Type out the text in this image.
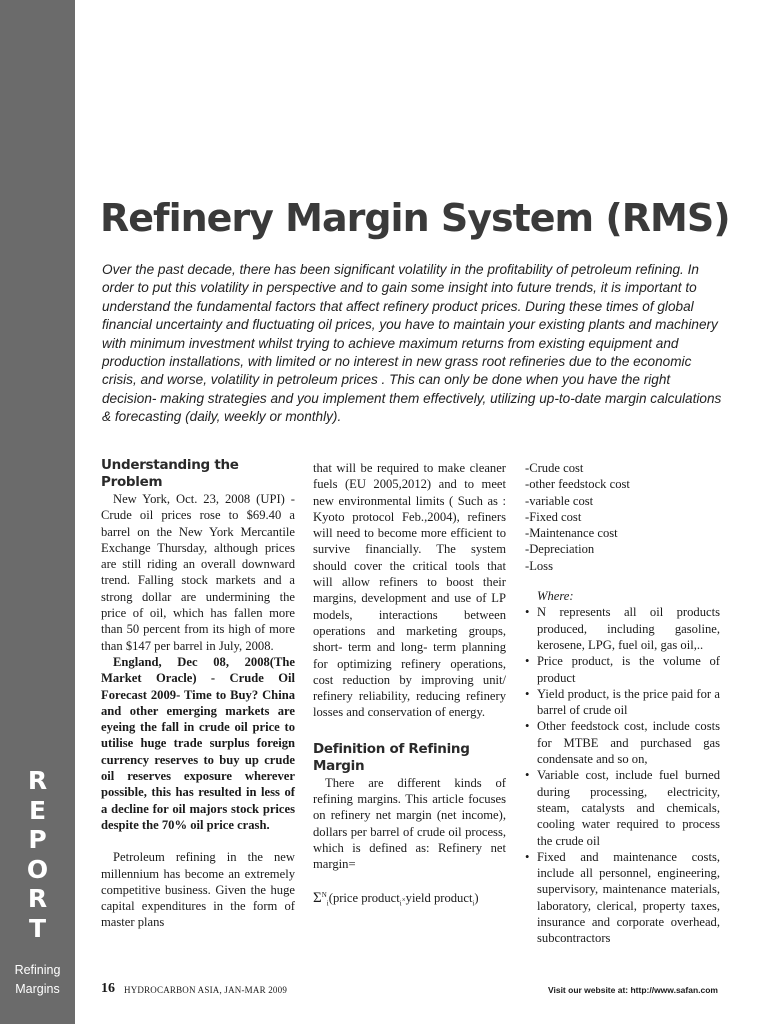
R
E
P
O
R
T
Refining
Margins
Refinery Margin System (RMS)

Over the past decade, there has been significant volatility in the profitability of petroleum refining. In order to put this volatility in perspective and to gain some insight into future trends, it is important to understand the fundamental factors that affect refinery product prices. During these times of global financial uncertainty and fluctuating oil prices, you have to maintain your existing plants and machinery with minimum investment whilst trying to achieve maximum returns from existing equipment and production installations, with limited or no interest in new grass root refineries due to the economic crisis, and worse, volatility in petroleum prices . This can only be done when you have the right decision- making strategies and you implement them effectively, utilizing up-to-date margin calculations & forecasting (daily, weekly or monthly).

Understanding the Problem

New York, Oct. 23, 2008 (UPI) - Crude oil prices rose to $69.40 a barrel on the New York Mercantile Exchange Thursday, although prices are still riding an overall downward trend. Falling stock markets and a strong dollar are undermining the price of oil, which has fallen more than 50 percent from its high of more than $147 per barrel in July, 2008.

England, Dec 08, 2008(The Market Oracle) - Crude Oil Forecast 2009- Time to Buy? China and other emerging markets are eyeing the fall in crude oil price to utilise huge trade surplus foreign currency reserves to buy up crude oil reserves exposure wherever possible, this has resulted in less of a decline for oil majors stock prices despite the 70% oil price crash.

Petroleum refining in the new millennium has become an extremely competitive business. Given the huge capital expenditures in the form of master plans

that will be required to make cleaner fuels (EU 2005,2012) and to meet new environmental limits ( Such as : Kyoto protocol Feb.,2004), refiners will need to become more efficient to survive financially. The system should cover the critical tools that will allow refiners to boost their margins, development and use of LP models, interactions between operations and marketing groups, short- term and long- term planning for optimizing refinery operations, cost reduction by improving unit/ refinery reliability, reducing refinery losses and conservation of energy.

Definition of Refining Margin

There are different kinds of refining margins. This article focuses on refinery net margin (net income), dollars per barrel of crude oil process, which is defined as: Refinery net margin=

$\Sigma^N_i(price$ product$_i$×yield product$_i$)

-Crude cost
-other feedstock cost
-variable cost
-Fixed cost
-Maintenance cost
-Depreciation
-Loss

Where:

• N represents all oil products produced, including gasoline, kerosene, LPG, fuel oil, gas oil,..
• Price product, is the volume of product
• Yield product, is the price paid for a barrel of crude oil
• Other feedstock cost, include costs for MTBE and purchased gas condensate and so on,
• Variable cost, include fuel burned during processing, electricity, steam, catalysts and chemicals, cooling water required to process the crude oil
• Fixed and maintenance costs, include all personnel, engineering, supervisory, maintenance materials, laboratory, clerical, property taxes, insurance and corporate overhead, subcontractors
16 HYDROCARBON ASIA, JAN-MAR 2009	Visit our website at: http://www.safan.com
